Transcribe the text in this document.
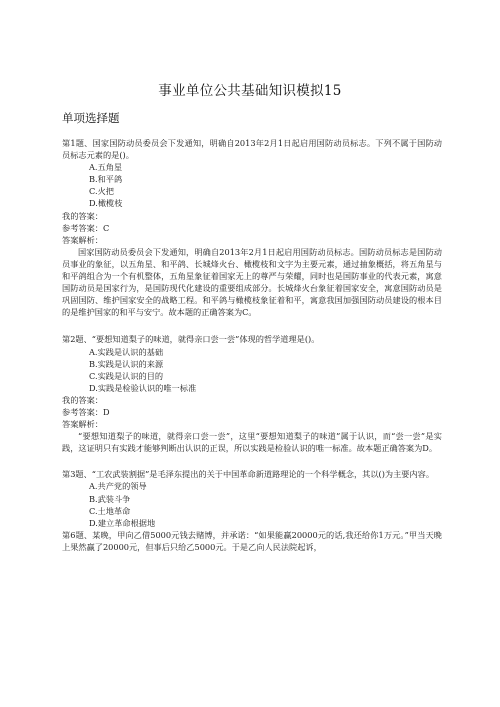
事业单位公共基础知识模拟15
单项选择题

第1题、国家国防动员委员会下发通知，明确自2013年2月1日起启用国防动员标志。下列不属于国防动员标志元素的是()。

A.五角星
B.和平鸽
C.火把
D.橄榄枝
我的答案：
参考答案：C
答案解析：

国家国防动员委员会下发通知，明确自2013年2月1日起启用国防动员标志。国防动员标志是国防动员事业的象征，以五角星、和平鸽、长城烽火台、橄榄枝和文字为主要元素，通过抽象概括，将五角星与和平鸽组合为一个有机整体，五角星象征着国家无上的尊严与荣耀，同时也是国防事业的代表元素，寓意国防动员是国家行为，是国防现代化建设的重要组成部分。长城烽火台象征着国家安全，寓意国防动员是巩固国防、维护国家安全的战略工程。和平鸽与橄榄枝象征着和平，寓意我国加强国防动员建设的根本目的是维护国家的和平与安宁。故本题的正确答案为C。

第2题、“要想知道梨子的味道，就得亲口尝一尝”体现的哲学道理是()。

A.实践是认识的基础
B.实践是认识的来源
C.实践是认识的目的
D.实践是检验认识的唯一标准
我的答案：
参考答案：D
答案解析：

“要想知道梨子的味道，就得亲口尝一尝”，这里“要想知道梨子的味道”属于认识，而“尝一尝”是实践，这证明只有实践才能够判断出认识的正误，所以实践是检验认识的唯一标准。故本题正确答案为D。

第3题、“工农武装割据”是毛泽东提出的关于中国革命新道路理论的一个科学概念，其以()为主要内容。

A.共产党的领导
B.武装斗争
C.土地革命
D.建立革命根据地

第6题、某晚，甲向乙借5000元钱去赌博，并承诺：“如果能赢20000元的话,我还给你1万元。”甲当天晚上果然赢了20000元，但事后只给乙5000元。于是乙向人民法院起诉，
